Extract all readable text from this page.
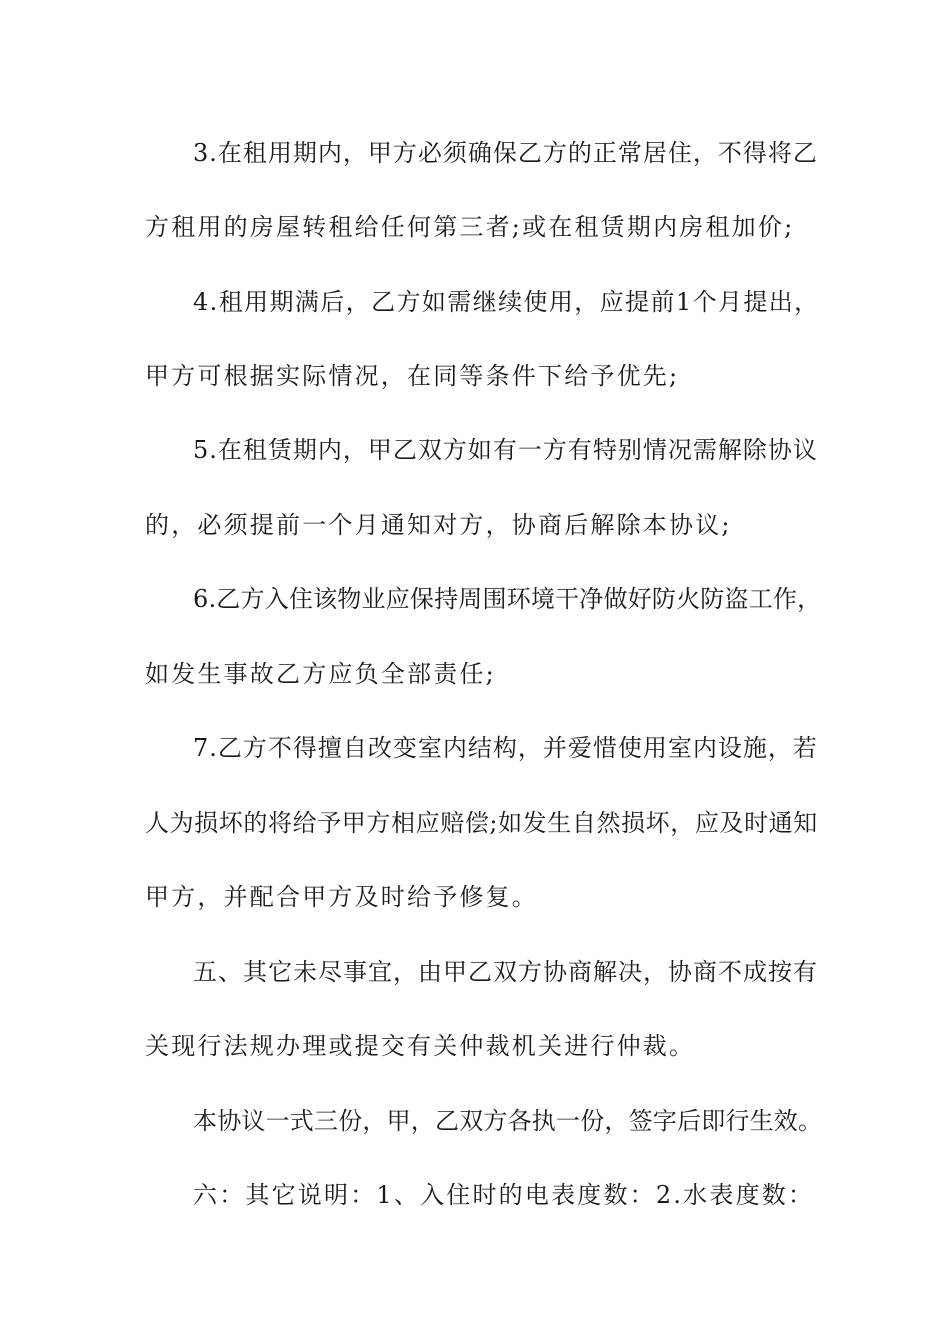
3.在租用期内，甲方必须确保乙方的正常居住，不得将乙
方租用的房屋转租给任何第三者;或在租赁期内房租加价;
4.租用期满后，乙方如需继续使用，应提前1个月提出，
甲方可根据实际情况，在同等条件下给予优先;
5.在租赁期内，甲乙双方如有一方有特别情况需解除协议
的，必须提前一个月通知对方，协商后解除本协议;
6.乙方入住该物业应保持周围环境干净做好防火防盗工作，
如发生事故乙方应负全部责任;
7.乙方不得擅自改变室内结构，并爱惜使用室内设施，若
人为损坏的将给予甲方相应赔偿;如发生自然损坏，应及时通知
甲方，并配合甲方及时给予修复。
五、其它未尽事宜，由甲乙双方协商解决，协商不成按有
关现行法规办理或提交有关仲裁机关进行仲裁。
本协议一式三份，甲，乙双方各执一份，签字后即行生效。
六：其它说明：1、入住时的电表度数：2.水表度数：
